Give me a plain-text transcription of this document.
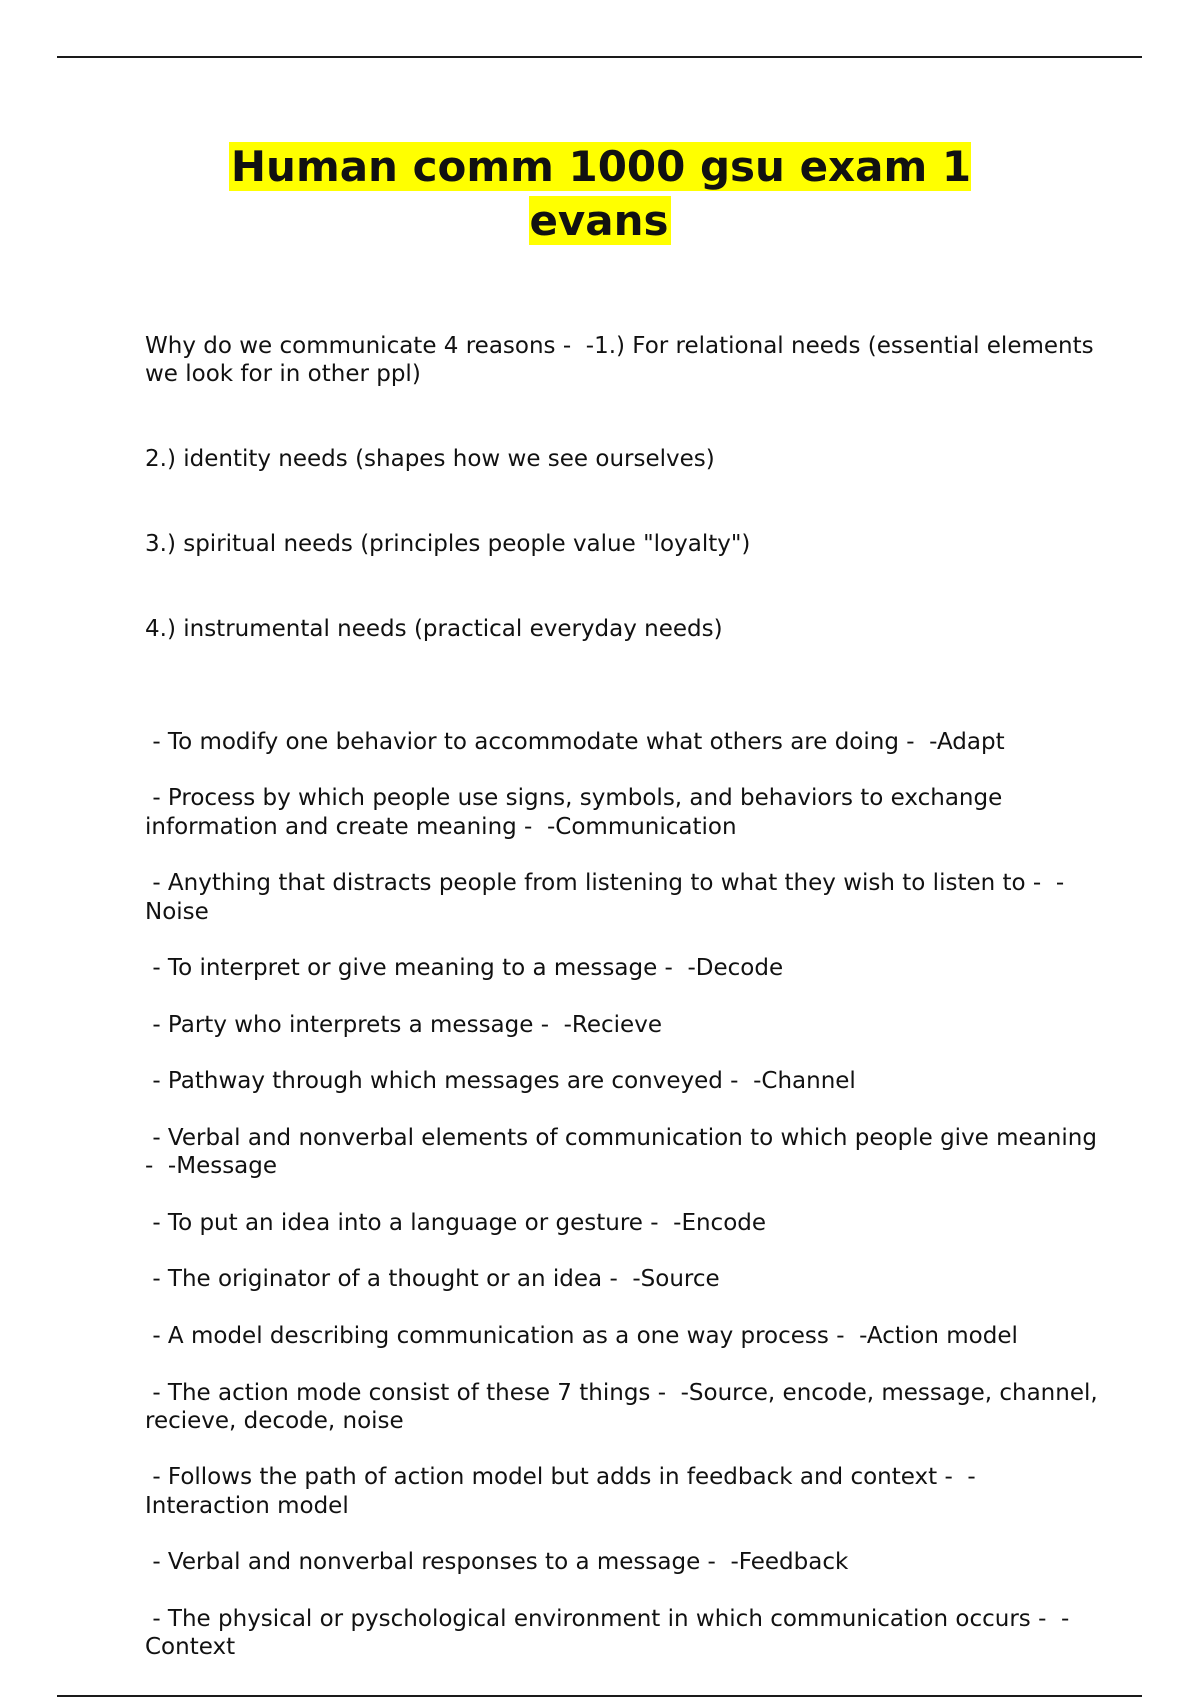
Human comm 1000 gsu exam 1 evans

Why do we communicate 4 reasons -  -1.) For relational needs (essential elements we look for in other ppl)

2.) identity needs (shapes how we see ourselves)

3.) spiritual needs (principles people value "loyalty")

4.) instrumental needs (practical everyday needs)

- To modify one behavior to accommodate what others are doing -  -Adapt
- Process by which people use signs, symbols, and behaviors to exchange information and create meaning -  -Communication
- Anything that distracts people from listening to what they wish to listen to -  -Noise
- To interpret or give meaning to a message -  -Decode
- Party who interprets a message -  -Recieve
- Pathway through which messages are conveyed -  -Channel
- Verbal and nonverbal elements of communication to which people give meaning -  -Message
- To put an idea into a language or gesture -  -Encode
- The originator of a thought or an idea -  -Source
- A model describing communication as a one way process -  -Action model
- The action mode consist of these 7 things -  -Source, encode, message, channel, recieve, decode, noise
- Follows the path of action model but adds in feedback and context -  -Interaction model
- Verbal and nonverbal responses to a message -  -Feedback
- The physical or pyschological environment in which communication occurs -  -Context
